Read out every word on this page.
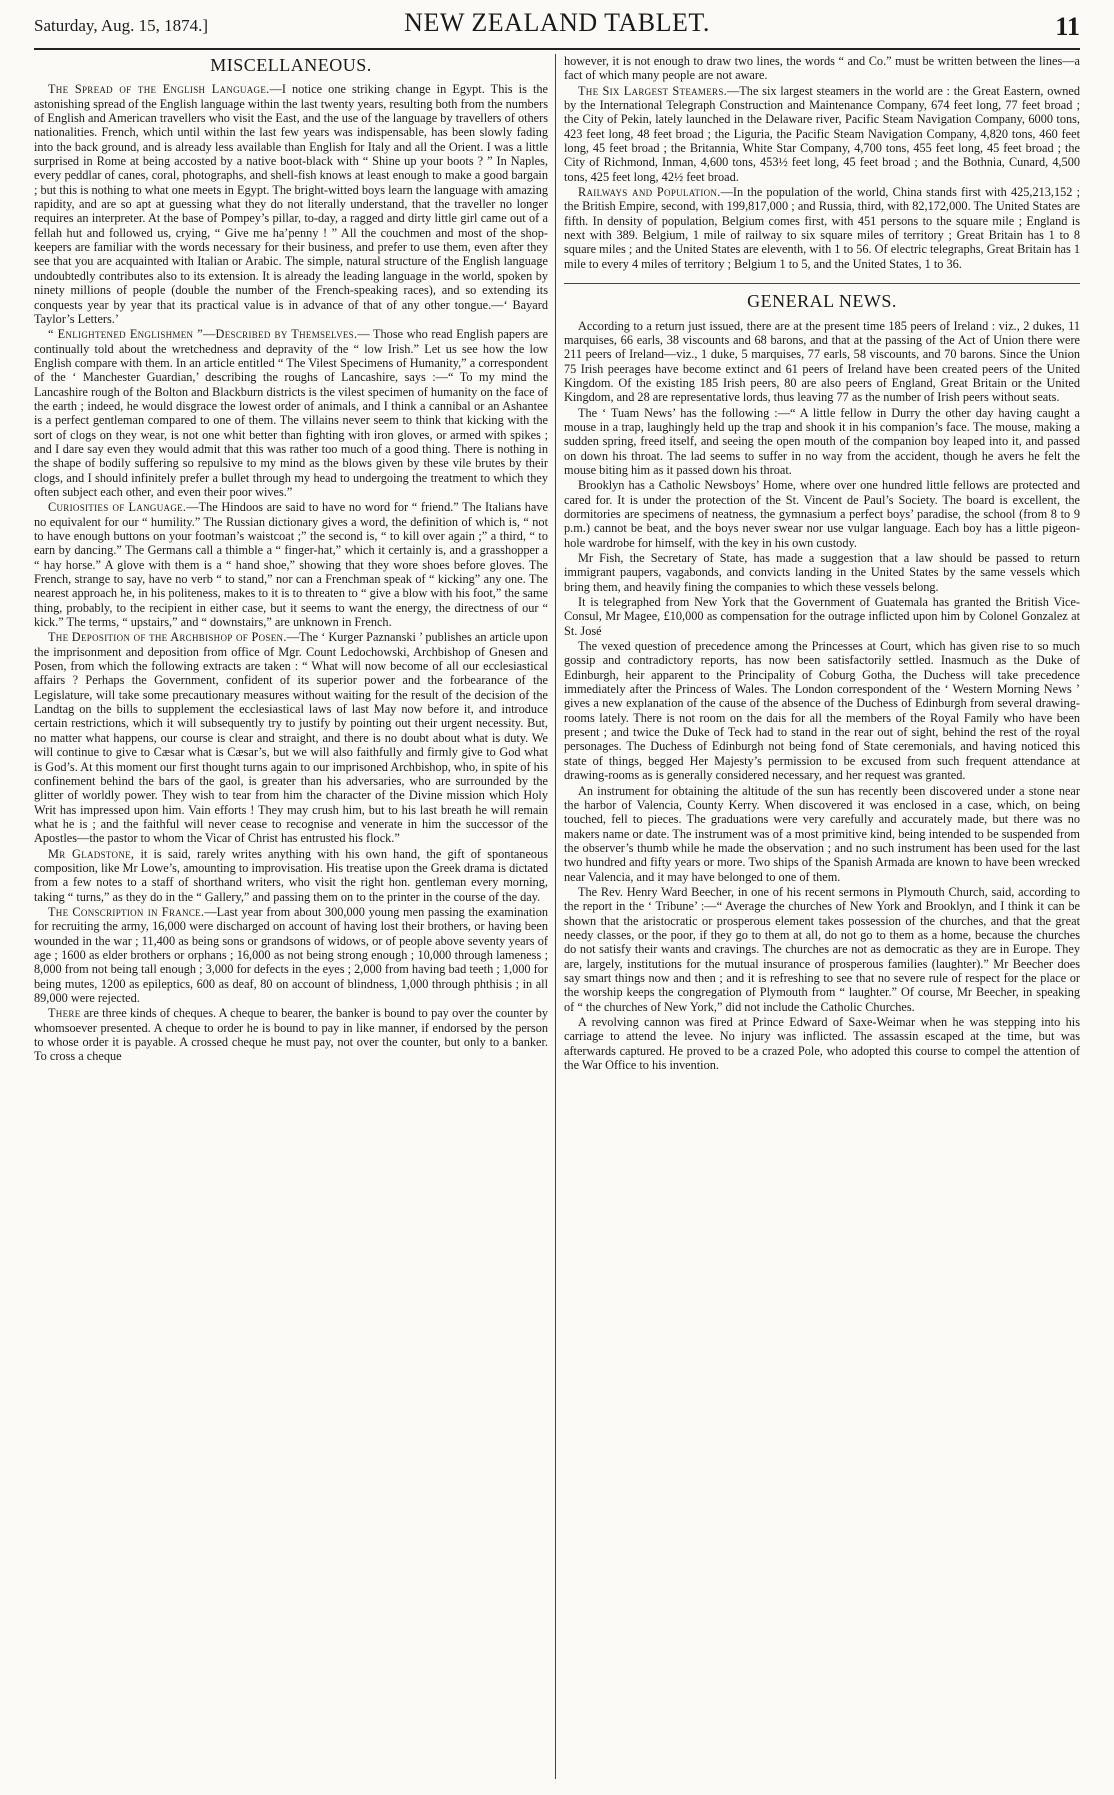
Saturday, Aug. 15, 1874.]	NEW ZEALAND TABLET.	11
MISCELLANEOUS.

The Spread of the English Language.—I notice one striking change in Egypt. This is the astonishing spread of the English language within the last twenty years, resulting both from the numbers of English and American travellers who visit the East, and the use of the language by travellers of others nationalities. French, which until within the last few years was indispensable, has been slowly fading into the back ground, and is already less available than English for Italy and all the Orient. I was a little surprised in Rome at being accosted by a native boot-black with “ Shine up your boots ? ” In Naples, every peddlar of canes, coral, photographs, and shell-fish knows at least enough to make a good bargain ; but this is nothing to what one meets in Egypt. The bright-witted boys learn the language with amazing rapidity, and are so apt at guessing what they do not literally understand, that the traveller no longer requires an interpreter. At the base of Pompey’s pillar, to-day, a ragged and dirty little girl came out of a fellah hut and followed us, crying, “ Give me ha’penny ! ” All the couchmen and most of the shop-keepers are familiar with the words necessary for their business, and prefer to use them, even after they see that you are acquainted with Italian or Arabic. The simple, natural structure of the English language undoubtedly contributes also to its extension. It is already the leading language in the world, spoken by ninety millions of people (double the number of the French-speaking races), and so extending its conquests year by year that its practical value is in advance of that of any other tongue.—‘ Bayard Taylor’s Letters.’

“ Enlightened Englishmen ”—Described by Themselves.— Those who read English papers are continually told about the wretchedness and depravity of the “ low Irish.” Let us see how the low English compare with them. In an article entitled “ The Vilest Specimens of Humanity,” a correspondent of the ‘ Manchester Guardian,’ describing the roughs of Lancashire, says :—“ To my mind the Lancashire rough of the Bolton and Blackburn districts is the vilest specimen of humanity on the face of the earth ; indeed, he would disgrace the lowest order of animals, and I think a cannibal or an Ashantee is a perfect gentleman compared to one of them. The villains never seem to think that kicking with the sort of clogs on they wear, is not one whit better than fighting with iron gloves, or armed with spikes ; and I dare say even they would admit that this was rather too much of a good thing. There is nothing in the shape of bodily suffering so repulsive to my mind as the blows given by these vile brutes by their clogs, and I should infinitely prefer a bullet through my head to undergoing the treatment to which they often subject each other, and even their poor wives.”

Curiosities of Language.—The Hindoos are said to have no word for “ friend.” The Italians have no equivalent for our “ humility.” The Russian dictionary gives a word, the definition of which is, “ not to have enough buttons on your footman’s waistcoat ;” the second is, “ to kill over again ;” a third, “ to earn by dancing.” The Germans call a thimble a “ finger-hat,” which it certainly is, and a grasshopper a “ hay horse.” A glove with them is a “ hand shoe,” showing that they wore shoes before gloves. The French, strange to say, have no verb “ to stand,” nor can a Frenchman speak of “ kicking” any one. The nearest approach he, in his politeness, makes to it is to threaten to “ give a blow with his foot,” the same thing, probably, to the recipient in either case, but it seems to want the energy, the directness of our “ kick.” The terms, “ upstairs,” and “ downstairs,” are unknown in French.

The Deposition of the Archbishop of Posen.—The ‘ Kurger Paznanski ’ publishes an article upon the imprisonment and deposition from office of Mgr. Count Ledochowski, Archbishop of Gnesen and Posen, from which the following extracts are taken : “ What will now become of all our ecclesiastical affairs ? Perhaps the Government, confident of its superior power and the forbearance of the Legislature, will take some precautionary measures without waiting for the result of the decision of the Landtag on the bills to supplement the ecclesiastical laws of last May now before it, and introduce certain restrictions, which it will subsequently try to justify by pointing out their urgent necessity. But, no matter what happens, our course is clear and straight, and there is no doubt about what is duty. We will continue to give to Cæsar what is Cæsar’s, but we will also faithfully and firmly give to God what is God’s. At this moment our first thought turns again to our imprisoned Archbishop, who, in spite of his confinement behind the bars of the gaol, is greater than his adversaries, who are surrounded by the glitter of worldly power. They wish to tear from him the character of the Divine mission which Holy Writ has impressed upon him. Vain efforts ! They may crush him, but to his last breath he will remain what he is ; and the faithful will never cease to recognise and venerate in him the successor of the Apostles—the pastor to whom the Vicar of Christ has entrusted his flock.”

Mr Gladstone, it is said, rarely writes anything with his own hand, the gift of spontaneous composition, like Mr Lowe’s, amounting to improvisation. His treatise upon the Greek drama is dictated from a few notes to a staff of shorthand writers, who visit the right hon. gentleman every morning, taking “ turns,” as they do in the “ Gallery,” and passing them on to the printer in the course of the day.

The Conscription in France.—Last year from about 300,000 young men passing the examination for recruiting the army, 16,000 were discharged on account of having lost their brothers, or having been wounded in the war ; 11,400 as being sons or grandsons of widows, or of people above seventy years of age ; 1600 as elder brothers or orphans ; 16,000 as not being strong enough ; 10,000 through lameness ; 8,000 from not being tall enough ; 3,000 for defects in the eyes ; 2,000 from having bad teeth ; 1,000 for being mutes, 1200 as epileptics, 600 as deaf, 80 on account of blindness, 1,000 through phthisis ; in all 89,000 were rejected.

There are three kinds of cheques. A cheque to bearer, the banker is bound to pay over the counter by whomsoever presented. A cheque to order he is bound to pay in like manner, if endorsed by the person to whose order it is payable. A crossed cheque he must pay, not over the counter, but only to a banker. To cross a cheque

however, it is not enough to draw two lines, the words “ and Co.” must be written between the lines—a fact of which many people are not aware.

The Six Largest Steamers.—The six largest steamers in the world are : the Great Eastern, owned by the International Telegraph Construction and Maintenance Company, 674 feet long, 77 feet broad ; the City of Pekin, lately launched in the Delaware river, Pacific Steam Navigation Company, 6000 tons, 423 feet long, 48 feet broad ; the Liguria, the Pacific Steam Navigation Company, 4,820 tons, 460 feet long, 45 feet broad ; the Britannia, White Star Company, 4,700 tons, 455 feet long, 45 feet broad ; the City of Richmond, Inman, 4,600 tons, 453½ feet long, 45 feet broad ; and the Bothnia, Cunard, 4,500 tons, 425 feet long, 42½ feet broad.

Railways and Population.—In the population of the world, China stands first with 425,213,152 ; the British Empire, second, with 199,817,000 ; and Russia, third, with 82,172,000. The United States are fifth. In density of population, Belgium comes first, with 451 persons to the square mile ; England is next with 389. Belgium, 1 mile of railway to six square miles of territory ; Great Britain has 1 to 8 square miles ; and the United States are eleventh, with 1 to 56. Of electric telegraphs, Great Britain has 1 mile to every 4 miles of territory ; Belgium 1 to 5, and the United States, 1 to 36.

GENERAL NEWS.

According to a return just issued, there are at the present time 185 peers of Ireland : viz., 2 dukes, 11 marquises, 66 earls, 38 viscounts and 68 barons, and that at the passing of the Act of Union there were 211 peers of Ireland—viz., 1 duke, 5 marquises, 77 earls, 58 viscounts, and 70 barons. Since the Union 75 Irish peerages have become extinct and 61 peers of Ireland have been created peers of the United Kingdom. Of the existing 185 Irish peers, 80 are also peers of England, Great Britain or the United Kingdom, and 28 are representative lords, thus leaving 77 as the number of Irish peers without seats.

The ‘ Tuam News’ has the following :—“ A little fellow in Durry the other day having caught a mouse in a trap, laughingly held up the trap and shook it in his companion’s face. The mouse, making a sudden spring, freed itself, and seeing the open mouth of the companion boy leaped into it, and passed on down his throat. The lad seems to suffer in no way from the accident, though he avers he felt the mouse biting him as it passed down his throat.

Brooklyn has a Catholic Newsboys’ Home, where over one hundred little fellows are protected and cared for. It is under the protection of the St. Vincent de Paul’s Society. The board is excellent, the dormitories are specimens of neatness, the gymnasium a perfect boys’ paradise, the school (from 8 to 9 p.m.) cannot be beat, and the boys never swear nor use vulgar language. Each boy has a little pigeon-hole wardrobe for himself, with the key in his own custody.

Mr Fish, the Secretary of State, has made a suggestion that a law should be passed to return immigrant paupers, vagabonds, and convicts landing in the United States by the same vessels which bring them, and heavily fining the companies to which these vessels belong.

It is telegraphed from New York that the Government of Guatemala has granted the British Vice-Consul, Mr Magee, £10,000 as compensation for the outrage inflicted upon him by Colonel Gonzalez at St. José

The vexed question of precedence among the Princesses at Court, which has given rise to so much gossip and contradictory reports, has now been satisfactorily settled. Inasmuch as the Duke of Edinburgh, heir apparent to the Principality of Coburg Gotha, the Duchess will take precedence immediately after the Princess of Wales. The London correspondent of the ‘ Western Morning News ’ gives a new explanation of the cause of the absence of the Duchess of Edinburgh from several drawing-rooms lately. There is not room on the dais for all the members of the Royal Family who have been present ; and twice the Duke of Teck had to stand in the rear out of sight, behind the rest of the royal personages. The Duchess of Edinburgh not being fond of State ceremonials, and having noticed this state of things, begged Her Majesty’s permission to be excused from such frequent attendance at drawing-rooms as is generally considered necessary, and her request was granted.

An instrument for obtaining the altitude of the sun has recently been discovered under a stone near the harbor of Valencia, County Kerry. When discovered it was enclosed in a case, which, on being touched, fell to pieces. The graduations were very carefully and accurately made, but there was no makers name or date. The instrument was of a most primitive kind, being intended to be suspended from the observer’s thumb while he made the observation ; and no such instrument has been used for the last two hundred and fifty years or more. Two ships of the Spanish Armada are known to have been wrecked near Valencia, and it may have belonged to one of them.

The Rev. Henry Ward Beecher, in one of his recent sermons in Plymouth Church, said, according to the report in the ‘ Tribune’ :—“ Average the churches of New York and Brooklyn, and I think it can be shown that the aristocratic or prosperous element takes possession of the churches, and that the great needy classes, or the poor, if they go to them at all, do not go to them as a home, because the churches do not satisfy their wants and cravings. The churches are not as democratic as they are in Europe. They are, largely, institutions for the mutual insurance of prosperous families (laughter).” Mr Beecher does say smart things now and then ; and it is refreshing to see that no severe rule of respect for the place or the worship keeps the congregation of Plymouth from “ laughter.” Of course, Mr Beecher, in speaking of “ the churches of New York,” did not include the Catholic Churches.

A revolving cannon was fired at Prince Edward of Saxe-Weimar when he was stepping into his carriage to attend the levee. No injury was inflicted. The assassin escaped at the time, but was afterwards captured. He proved to be a crazed Pole, who adopted this course to compel the attention of the War Office to his invention.
